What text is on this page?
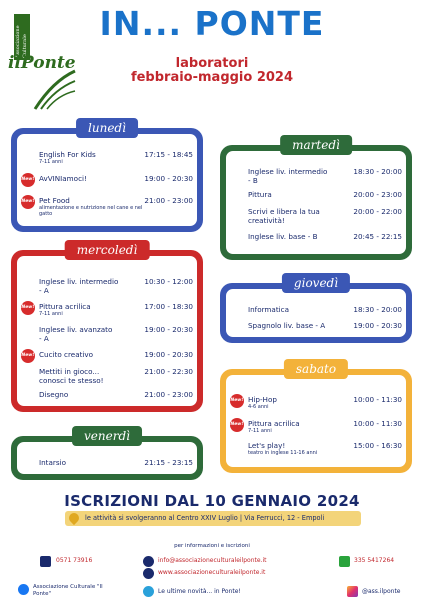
Associazione Culturale
ilPonte
IN... PONTE
laboratori
febbraio-maggio 2024
lunedì
English For Kids
7-11 anni
17:15 - 18:45
New! AvVINIamoci!	19:00 - 20:30
New! Pet Food
alimentazione e nutrizione nel cane e nel gatto
21:00 - 23:00
martedì
Inglese liv. intermedio - B
18:30 - 20:00
Pittura	20:00 - 23:00
Scrivi e libera la tua creatività!
20:00 - 22:00
Inglese liv. base - B	20:45 - 22:15
mercoledì
Inglese liv. intermedio - A
10:30 - 12:00
New! Pittura acrilica
7-11 anni
17:00 - 18:30
Inglese liv. avanzato - A
19:00 - 20:30
New! Cucito creativo	19:00 - 20:30
Mettiti in gioco... conosci te stesso!
21:00 - 22:30
Disegno	21:00 - 23:00
giovedì
Informatica	18:30 - 20:00
Spagnolo liv. base - A	19:00 - 20:30
venerdì
Intarsio	21:15 - 23:15
sabato
New! Hip-Hop
4-6 anni
10:00 - 11:30
New! Pittura acrilica
7-11 anni
10:00 - 11:30
Let's play!
teatro in inglese 11-16 anni
15:00 - 16:30
ISCRIZIONI DAL 10 GENNAIO 2024
le attività si svolgeranno al Centro XXIV Luglio | Via Ferrucci, 12 - Empoli
per informazioni e iscrizioni
0571 73916	info@associazioneculturaleilponte.it
www.associazioneculturaleilponte.it
335 5417264
Associazione Culturale "Il Ponte"	Le ultime novità... in Ponte!	@ass.ilponte
